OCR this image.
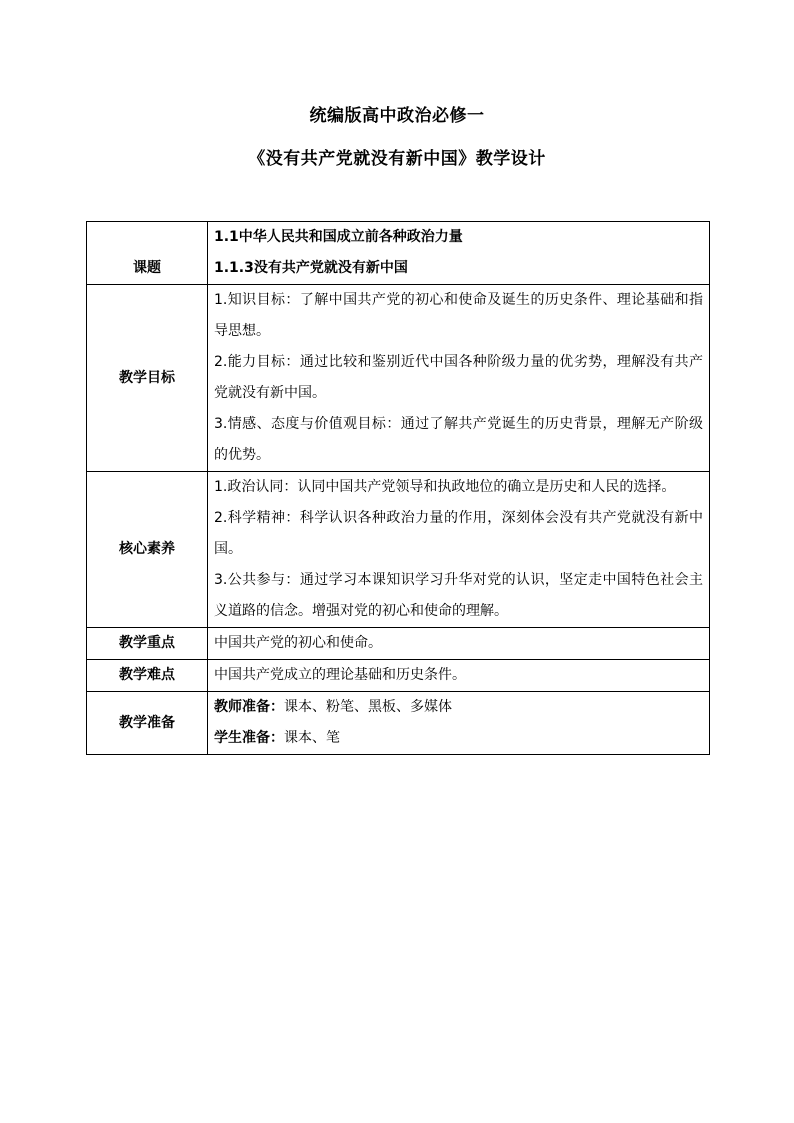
统编版高中政治必修一
《没有共产党就没有新中国》教学设计
课题	1.1中华人民共和国成立前各种政治力量
1.1.3没有共产党就没有新中国

教学目标	1.知识目标：了解中国共产党的初心和使命及诞生的历史条件、理论基础和指导思想。
2.能力目标：通过比较和鉴别近代中国各种阶级力量的优劣势，理解没有共产党就没有新中国。
3.情感、态度与价值观目标：通过了解共产党诞生的历史背景，理解无产阶级的优势。

核心素养	1.政治认同：认同中国共产党领导和执政地位的确立是历史和人民的选择。
2.科学精神：科学认识各种政治力量的作用，深刻体会没有共产党就没有新中国。
3.公共参与：通过学习本课知识学习升华对党的认识，坚定走中国特色社会主义道路的信念。增强对党的初心和使命的理解。

教学重点	中国共产党的初心和使命。
教学难点	中国共产党成立的理论基础和历史条件。
教学准备	教师准备：课本、粉笔、黑板、多媒体
学生准备：课本、笔
